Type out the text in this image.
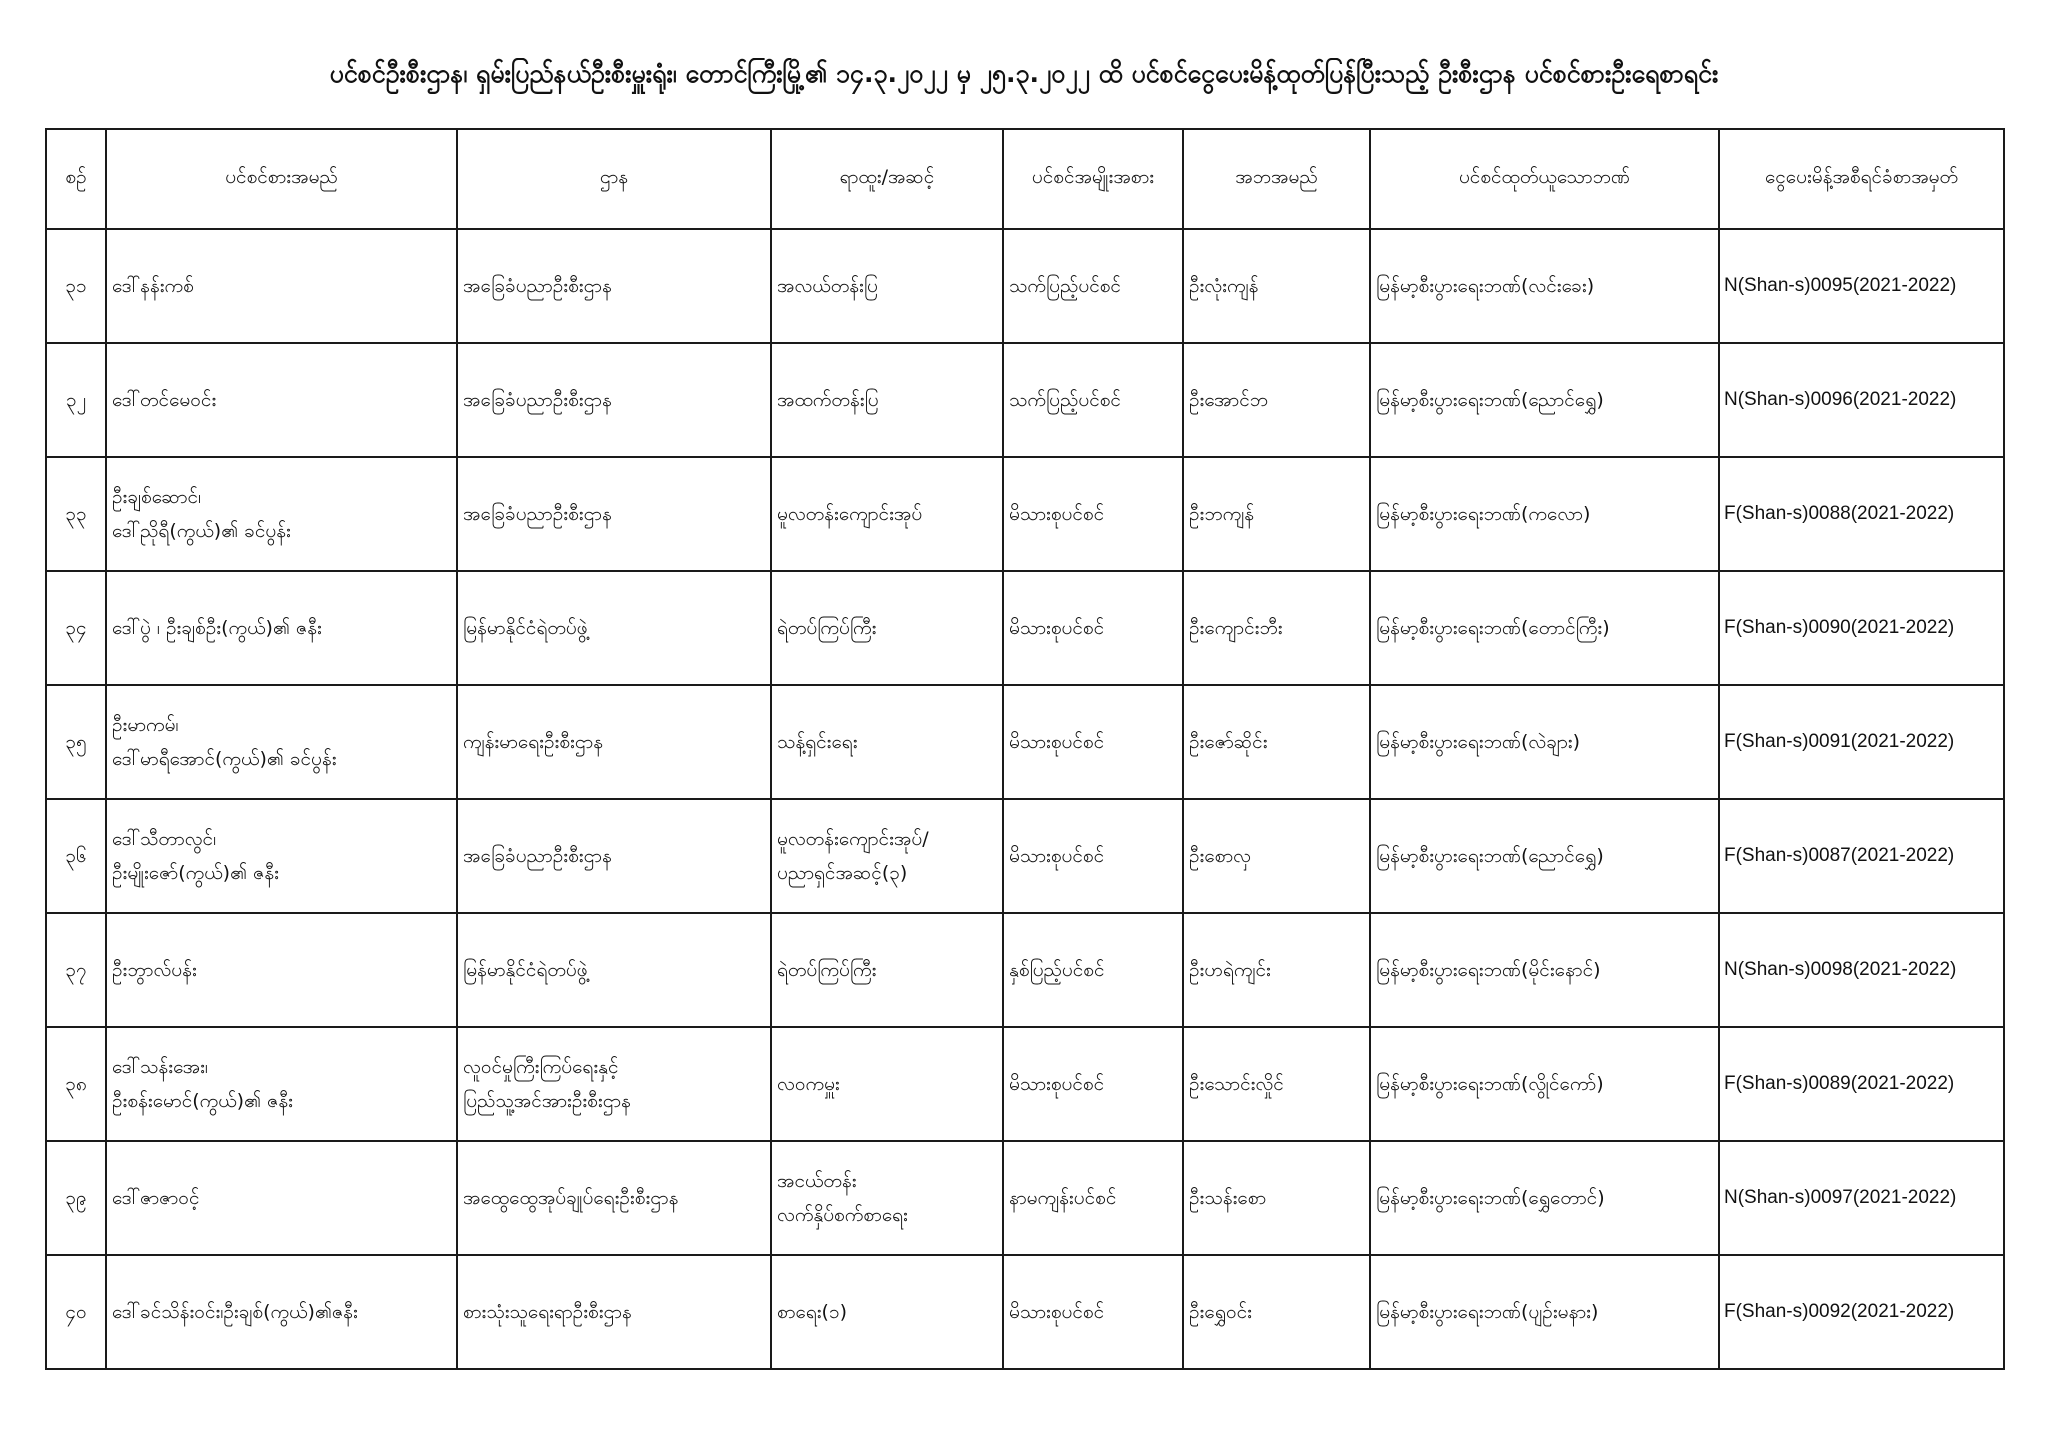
ပင်စင်ဦးစီးဌာန၊ ရှမ်းပြည်နယ်ဦးစီးမှူးရုံး၊ တောင်ကြီးမြို့၏ ၁၄.၃.၂၀၂၂ မှ ၂၅.၃.၂၀၂၂ ထိ ပင်စင်ငွေပေးမိန့်ထုတ်ပြန်ပြီးသည့် ဦးစီးဌာန ပင်စင်စားဦးရေစာရင်း
စဉ်	ပင်စင်စားအမည်	ဌာန	ရာထူး/အဆင့်	ပင်စင်အမျိုးအစား	အဘအမည်	ပင်စင်ထုတ်ယူသောဘဏ်	ငွေပေးမိန့်အစီရင်ခံစာအမှတ်
၃၁	ဒေါ်နန်းကစ်	အခြေခံပညာဦးစီးဌာန	အလယ်တန်းပြ	သက်ပြည့်ပင်စင်	ဦးလုံးကျန်	မြန်မာ့စီးပွားရေးဘဏ်(လင်းခေး)	N(Shan-s)0095(2021-2022)
၃၂	ဒေါ်တင်မေဝင်း	အခြေခံပညာဦးစီးဌာန	အထက်တန်းပြ	သက်ပြည့်ပင်စင်	ဦးအောင်ဘ	မြန်မာ့စီးပွားရေးဘဏ်(ညောင်ရွှေ)	N(Shan-s)0096(2021-2022)
၃၃	ဦးချစ်ဆောင်၊
ဒေါ်ညိုရီ(ကွယ်)၏ ခင်ပွန်း	အခြေခံပညာဦးစီးဌာန	မူလတန်းကျောင်းအုပ်	မိသားစုပင်စင်	ဦးဘကျန်	မြန်မာ့စီးပွားရေးဘဏ်(ကလော)	F(Shan-s)0088(2021-2022)
၃၄	ဒေါ်ပွဲ ၊ ဦးချစ်ဦး(ကွယ်)၏ ဇနီး	မြန်မာနိုင်ငံရဲတပ်ဖွဲ့	ရဲတပ်ကြပ်ကြီး	မိသားစုပင်စင်	ဦးကျောင်းဘီး	မြန်မာ့စီးပွားရေးဘဏ်(တောင်ကြီး)	F(Shan-s)0090(2021-2022)
၃၅	ဦးမာကမ်၊
ဒေါ်မာရီအောင်(ကွယ်)၏ ခင်ပွန်း	ကျန်းမာရေးဦးစီးဌာန	သန့်ရှင်းရေး	မိသားစုပင်စင်	ဦးဇော်ဆိုင်း	မြန်မာ့စီးပွားရေးဘဏ်(လဲချား)	F(Shan-s)0091(2021-2022)
၃၆	ဒေါ်သီတာလွင်၊
ဦးမျိုးဇော်(ကွယ်)၏ ဇနီး	အခြေခံပညာဦးစီးဌာန	မူလတန်းကျောင်းအုပ်/
ပညာရှင်အဆင့်(၃)	မိသားစုပင်စင်	ဦးစောလှ	မြန်မာ့စီးပွားရေးဘဏ်(ညောင်ရွှေ)	F(Shan-s)0087(2021-2022)
၃၇	ဦးဘွာလ်ပန်း	မြန်မာနိုင်ငံရဲတပ်ဖွဲ့	ရဲတပ်ကြပ်ကြီး	နှစ်ပြည့်ပင်စင်	ဦးဟရဲကျင်း	မြန်မာ့စီးပွားရေးဘဏ်(မိုင်းနောင်)	N(Shan-s)0098(2021-2022)
၃၈	ဒေါ်သန်းအေး၊
ဦးစန်းမောင်(ကွယ်)၏ ဇနီး	လူဝင်မှုကြီးကြပ်ရေးနှင့်
ပြည်သူ့အင်အားဦးစီးဌာန	လဝကမှူး	မိသားစုပင်စင်	ဦးသောင်းလှိုင်	မြန်မာ့စီးပွားရေးဘဏ်(လွိုင်ကော်)	F(Shan-s)0089(2021-2022)
၃၉	ဒေါ်ဇာဇာဝင့်	အထွေထွေအုပ်ချုပ်ရေးဦးစီးဌာန	အငယ်တန်း
လက်နှိပ်စက်စာရေး	နာမကျန်းပင်စင်	ဦးသန်းစော	မြန်မာ့စီးပွားရေးဘဏ်(ရွှေတောင်)	N(Shan-s)0097(2021-2022)
၄၀	ဒေါ်ခင်သိန်းဝင်း၊ဦးချစ်(ကွယ်)၏ဇနီး	စားသုံးသူရေးရာဦးစီးဌာန	စာရေး(၁)	မိသားစုပင်စင်	ဦးရွှေဝင်း	မြန်မာ့စီးပွားရေးဘဏ်(ပျဉ်းမနား)	F(Shan-s)0092(2021-2022)
